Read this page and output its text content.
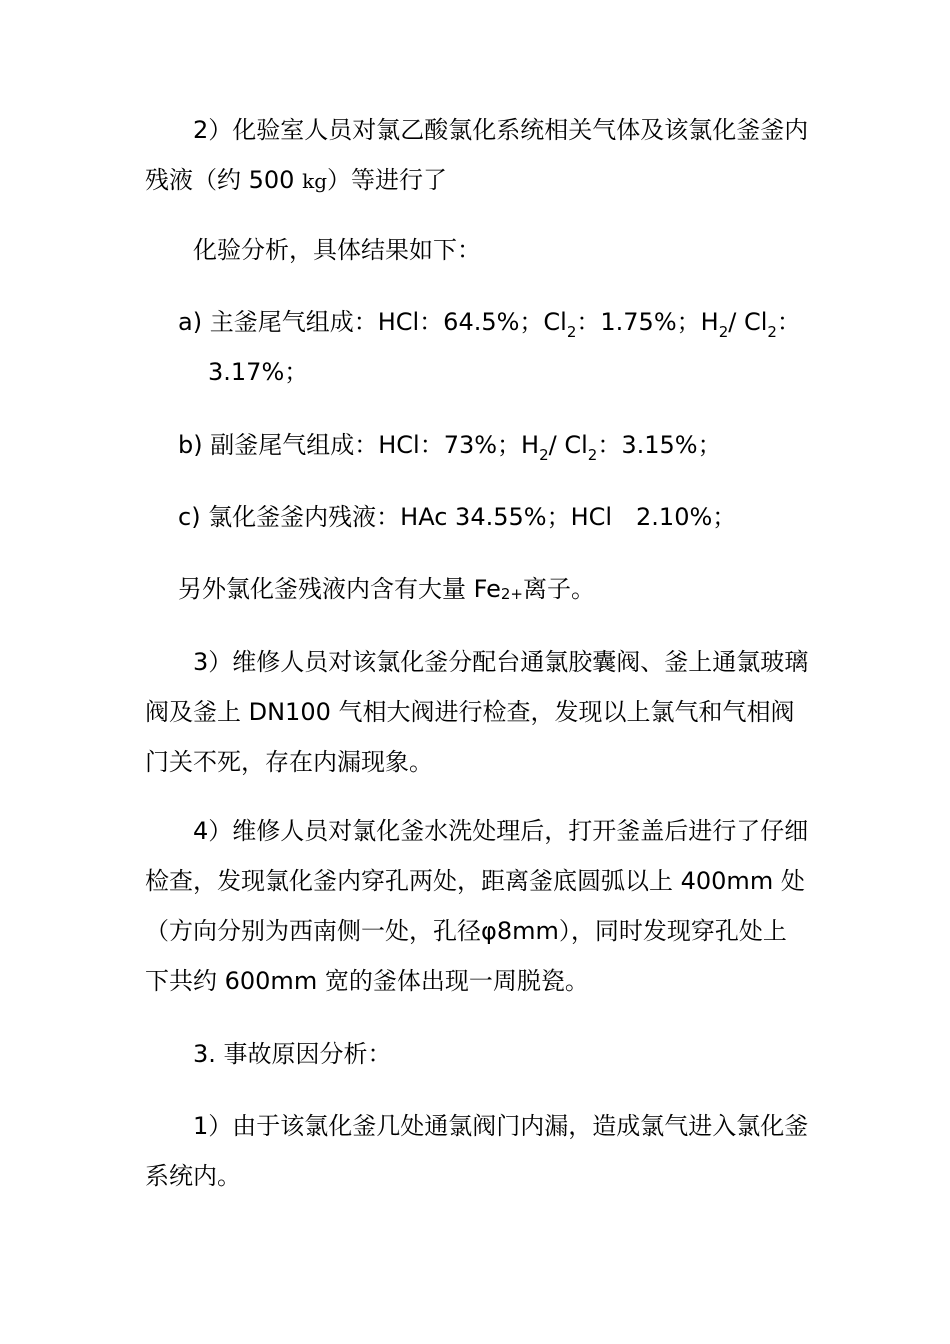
2）化验室人员对氯乙酸氯化系统相关气体及该氯化釜釜内残液（约 500 kg）等进行了

化验分析，具体结果如下：

a) 主釜尾气组成：HCl：64.5%；$Cl_2$：1.75%；$H_2/$ $Cl_2$：3.17%；

b) 副釜尾气组成：HCl：73%；$H_2/$ $Cl_2$：3.15%；

c) 氯化釜釜内残液：HAc 34.55%；HCl　2.10%；

另外氯化釜残液内含有大量 $Fe^{2+}$离子。

3）维修人员对该氯化釜分配台通氯胶囊阀、釜上通氯玻璃阀及釜上 DN100 气相大阀进行检查，发现以上氯气和气相阀门关不死，存在内漏现象。

4）维修人员对氯化釜水洗处理后，打开釜盖后进行了仔细检查，发现氯化釜内穿孔两处，距离釜底圆弧以上 400mm 处（方向分别为西南侧一处，孔径φ8mm），同时发现穿孔处上下共约 600mm 宽的釜体出现一周脱瓷。

3. 事故原因分析：

1）由于该氯化釜几处通氯阀门内漏，造成氯气进入氯化釜系统内。
